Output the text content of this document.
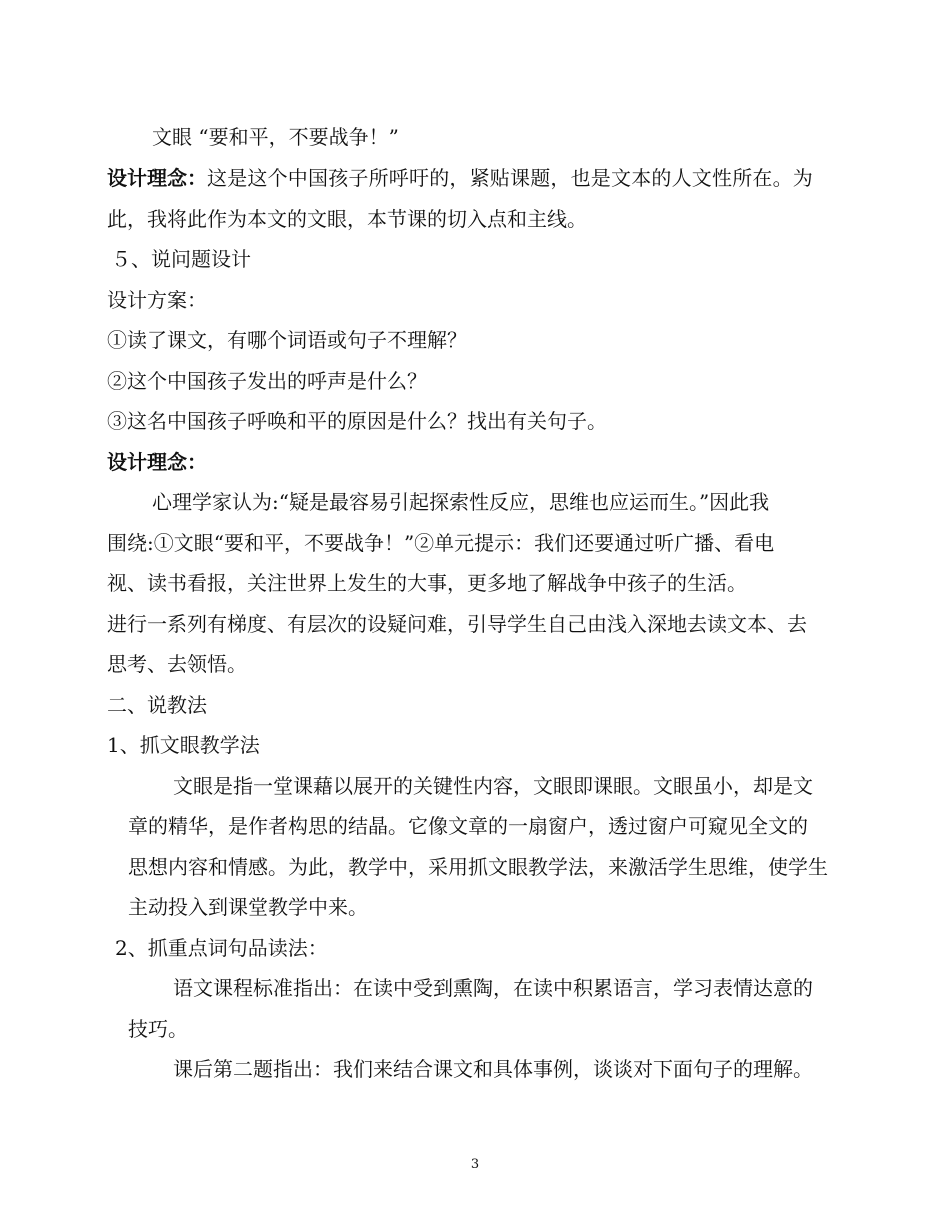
文眼 “要和平，不要战争！”
设计理念：这是这个中国孩子所呼吁的，紧贴课题，也是文本的人文性所在。为
此，我将此作为本文的文眼，本节课的切入点和主线。
５、说问题设计
设计方案：
①读了课文，有哪个词语或句子不理解？
②这个中国孩子发出的呼声是什么？
③这名中国孩子呼唤和平的原因是什么？找出有关句子。
设计理念：
心理学家认为:“疑是最容易引起探索性反应，思维也应运而生。”因此我
围绕:①文眼“要和平，不要战争！”②单元提示：我们还要通过听广播、看电
视、读书看报，关注世界上发生的大事，更多地了解战争中孩子的生活。
进行一系列有梯度、有层次的设疑问难，引导学生自己由浅入深地去读文本、去
思考、去领悟。
二、说教法
1、抓文眼教学法
文眼是指一堂课藉以展开的关键性内容，文眼即课眼。文眼虽小，却是文
章的精华，是作者构思的结晶。它像文章的一扇窗户，透过窗户可窥见全文的
思想内容和情感。为此，教学中，采用抓文眼教学法，来激活学生思维，使学生
主动投入到课堂教学中来。
2、抓重点词句品读法：
语文课程标准指出：在读中受到熏陶，在读中积累语言，学习表情达意的
技巧。
课后第二题指出：我们来结合课文和具体事例，谈谈对下面句子的理解。
3
